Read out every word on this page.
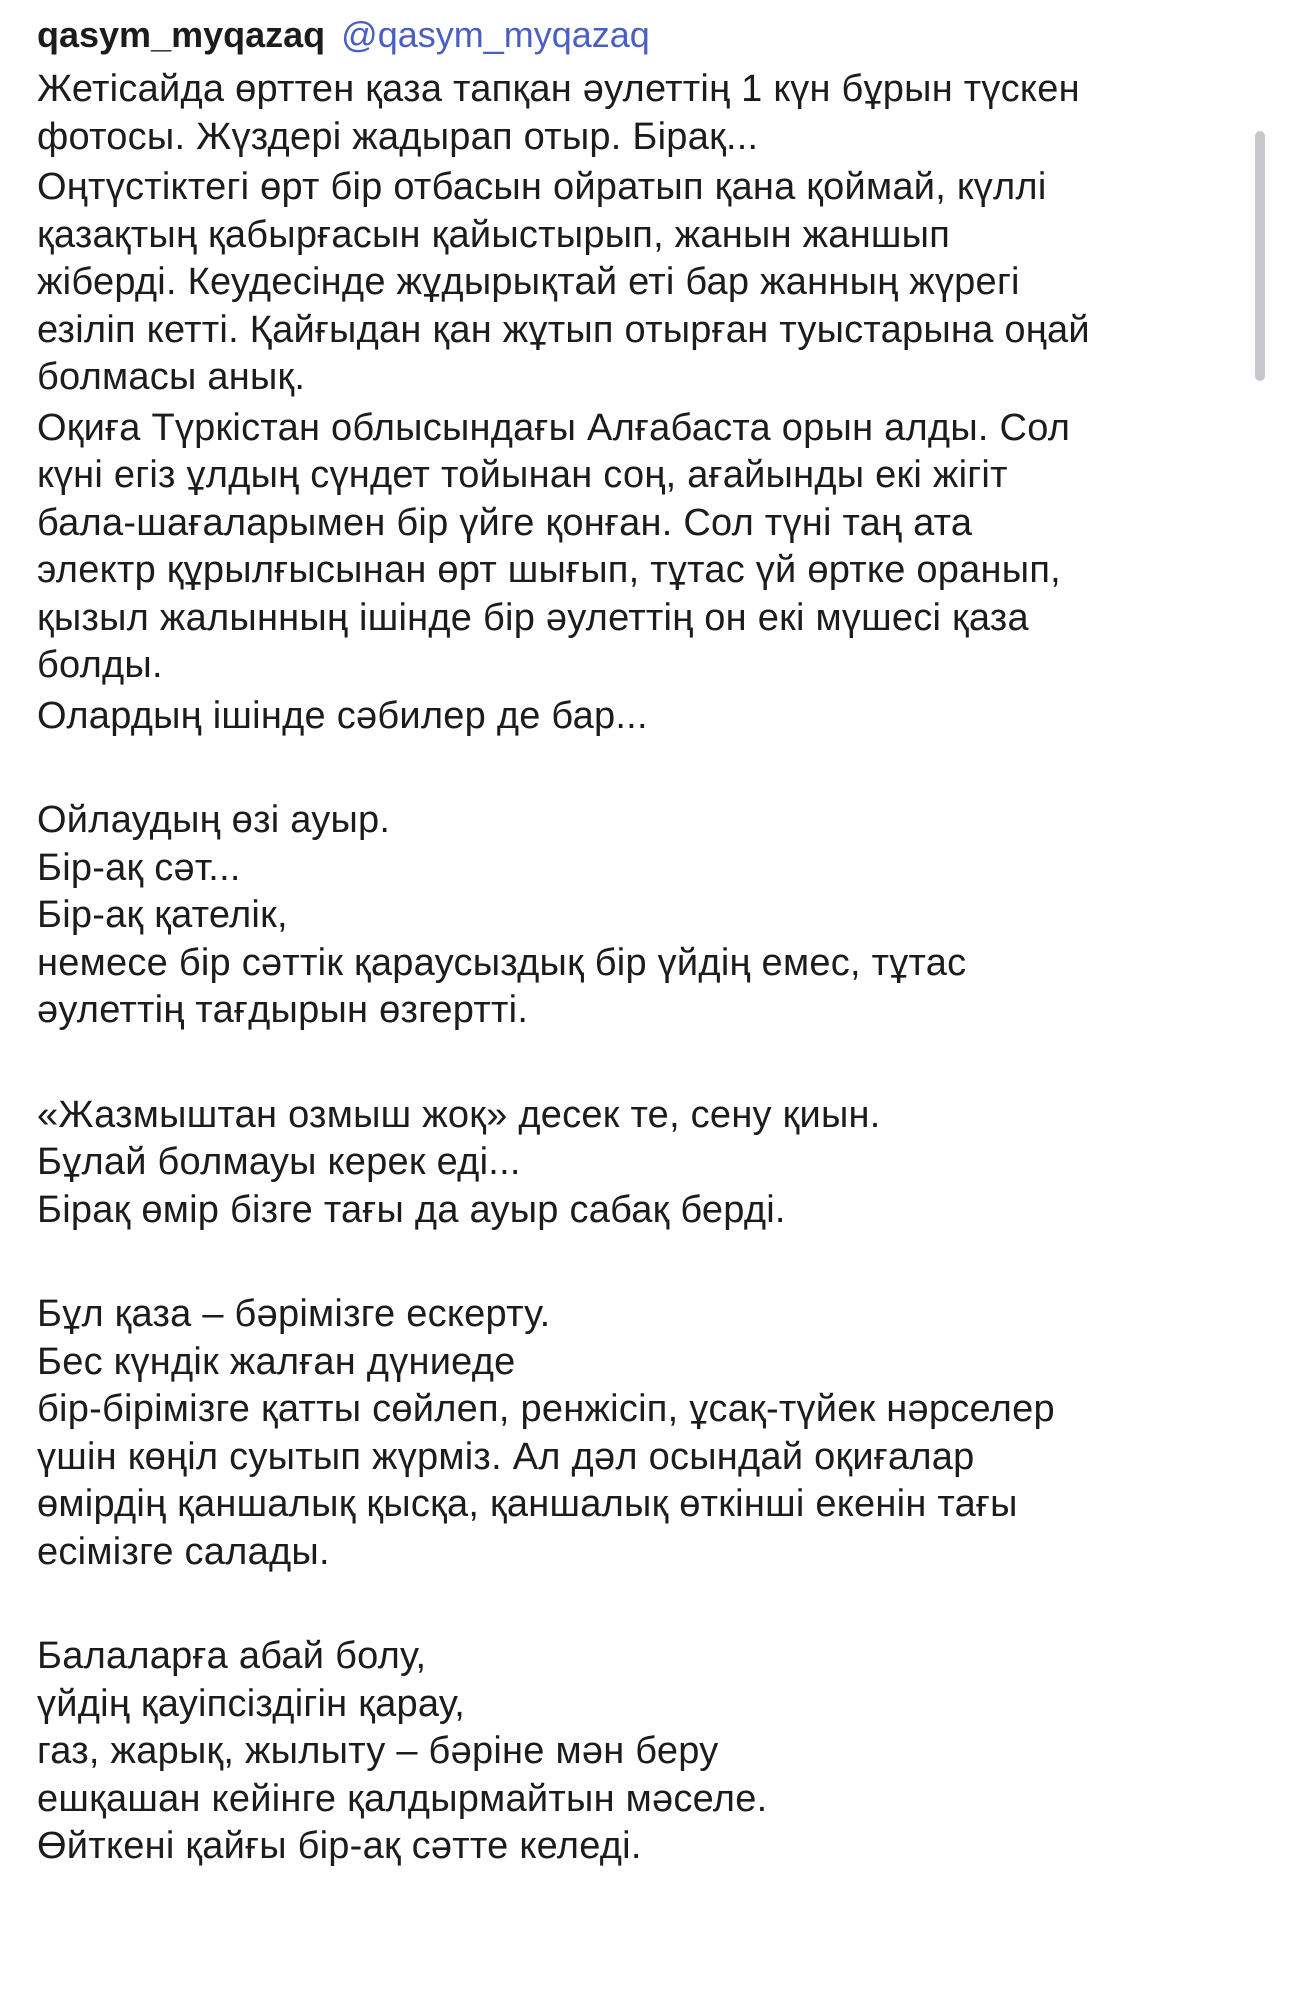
qasym_myqazaq @qasym_myqazaq
Жетісайда өрттен қаза тапқан әулеттің 1 күн бұрын түскен
фотосы. Жүздері жадырап отыр. Бірақ...
Оңтүстіктегі өрт бір отбасын ойратып қана қоймай, күллі
қазақтың қабырғасын қайыстырып, жанын жаншып
жіберді. Кеудесінде жұдырықтай еті бар жанның жүрегі
езіліп кетті. Қайғыдан қан жұтып отырған туыстарына оңай
болмасы анық.
Оқиға Түркістан облысындағы Алғабаста орын алды. Сол
күні егіз ұлдың сүндет тойынан соң, ағайынды екі жігіт
бала-шағаларымен бір үйге қонған. Сол түні таң ата
электр құрылғысынан өрт шығып, тұтас үй өртке оранып,
қызыл жалынның ішінде бір әулеттің он екі мүшесі қаза
болды.
Олардың ішінде сәбилер де бар...
Ойлаудың өзі ауыр.
Бір-ақ сәт...
Бір-ақ қателік,
немесе бір сәттік қараусыздық бір үйдің емес, тұтас
әулеттің тағдырын өзгертті.
«Жазмыштан озмыш жоқ» десек те, сену қиын.
Бұлай болмауы керек еді...
Бірақ өмір бізге тағы да ауыр сабақ берді.
Бұл қаза – бәрімізге ескерту.
Бес күндік жалған дүниеде
бір-бірімізге қатты сөйлеп, ренжісіп, ұсақ-түйек нәрселер
үшін көңіл суытып жүрміз. Ал дәл осындай оқиғалар
өмірдің қаншалық қысқа, қаншалық өткінші екенін тағы
есімізге салады.
Балаларға абай болу,
үйдің қауіпсіздігін қарау,
газ, жарық, жылыту – бәріне мән беру
ешқашан кейінге қалдырмайтын мәселе.
Өйткені қайғы бір-ақ сәтте келеді.
